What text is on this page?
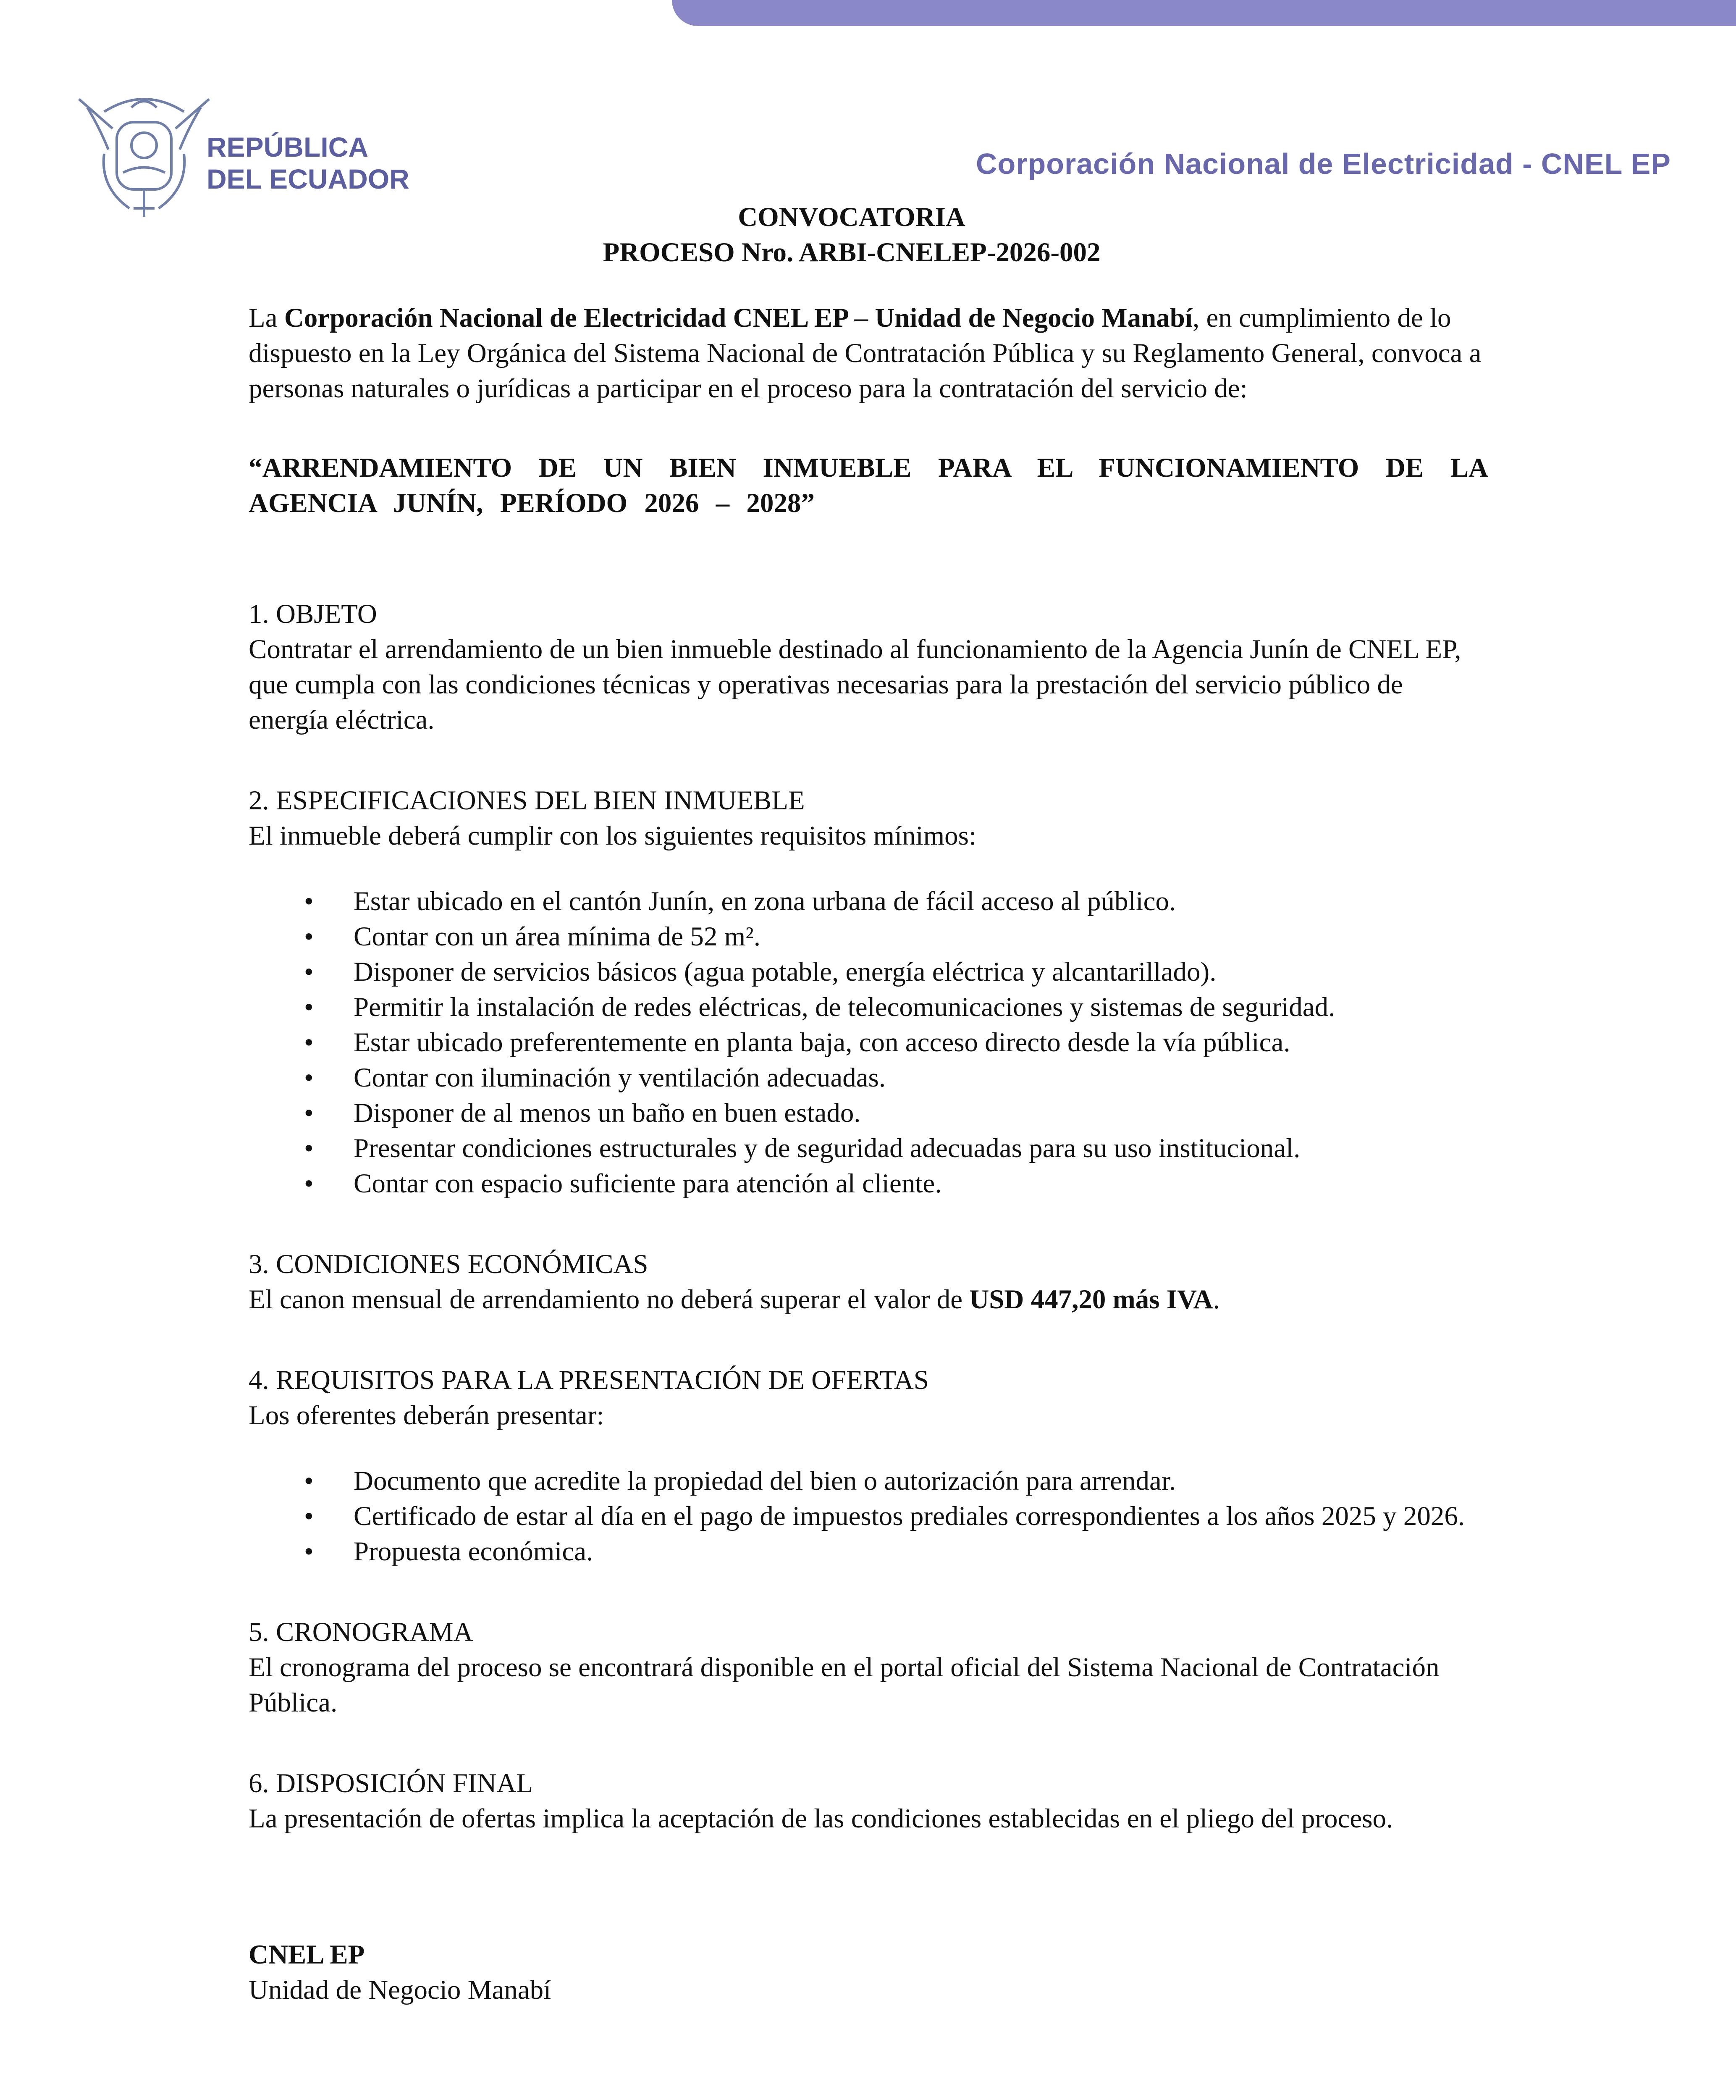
REPÚBLICA
DEL ECUADOR	Corporación Nacional de Electricidad - CNEL EP

CONVOCATORIA

PROCESO Nro. ARBI-CNELEP-2026-002

La Corporación Nacional de Electricidad CNEL EP – Unidad de Negocio Manabí, en cumplimiento de lo dispuesto en la Ley Orgánica del Sistema Nacional de Contratación Pública y su Reglamento General, convoca a personas naturales o jurídicas a participar en el proceso para la contratación del servicio de:

“ARRENDAMIENTO DE UN BIEN INMUEBLE PARA EL FUNCIONAMIENTO DE LA AGENCIA JUNÍN, PERÍODO 2026 – 2028”

1. OBJETO

Contratar el arrendamiento de un bien inmueble destinado al funcionamiento de la Agencia Junín de CNEL EP, que cumpla con las condiciones técnicas y operativas necesarias para la prestación del servicio público de energía eléctrica.

2. ESPECIFICACIONES DEL BIEN INMUEBLE

El inmueble deberá cumplir con los siguientes requisitos mínimos:

• Estar ubicado en el cantón Junín, en zona urbana de fácil acceso al público.
• Contar con un área mínima de 52 m².
• Disponer de servicios básicos (agua potable, energía eléctrica y alcantarillado).
• Permitir la instalación de redes eléctricas, de telecomunicaciones y sistemas de seguridad.
• Estar ubicado preferentemente en planta baja, con acceso directo desde la vía pública.
• Contar con iluminación y ventilación adecuadas.
• Disponer de al menos un baño en buen estado.
• Presentar condiciones estructurales y de seguridad adecuadas para su uso institucional.
• Contar con espacio suficiente para atención al cliente.

3. CONDICIONES ECONÓMICAS

El canon mensual de arrendamiento no deberá superar el valor de USD 447,20 más IVA.

4. REQUISITOS PARA LA PRESENTACIÓN DE OFERTAS

Los oferentes deberán presentar:

• Documento que acredite la propiedad del bien o autorización para arrendar.
• Certificado de estar al día en el pago de impuestos prediales correspondientes a los años 2025 y 2026.
• Propuesta económica.

5. CRONOGRAMA

El cronograma del proceso se encontrará disponible en el portal oficial del Sistema Nacional de Contratación Pública.

6. DISPOSICIÓN FINAL

La presentación de ofertas implica la aceptación de las condiciones establecidas en el pliego del proceso.

CNEL EP

Unidad de Negocio Manabí
